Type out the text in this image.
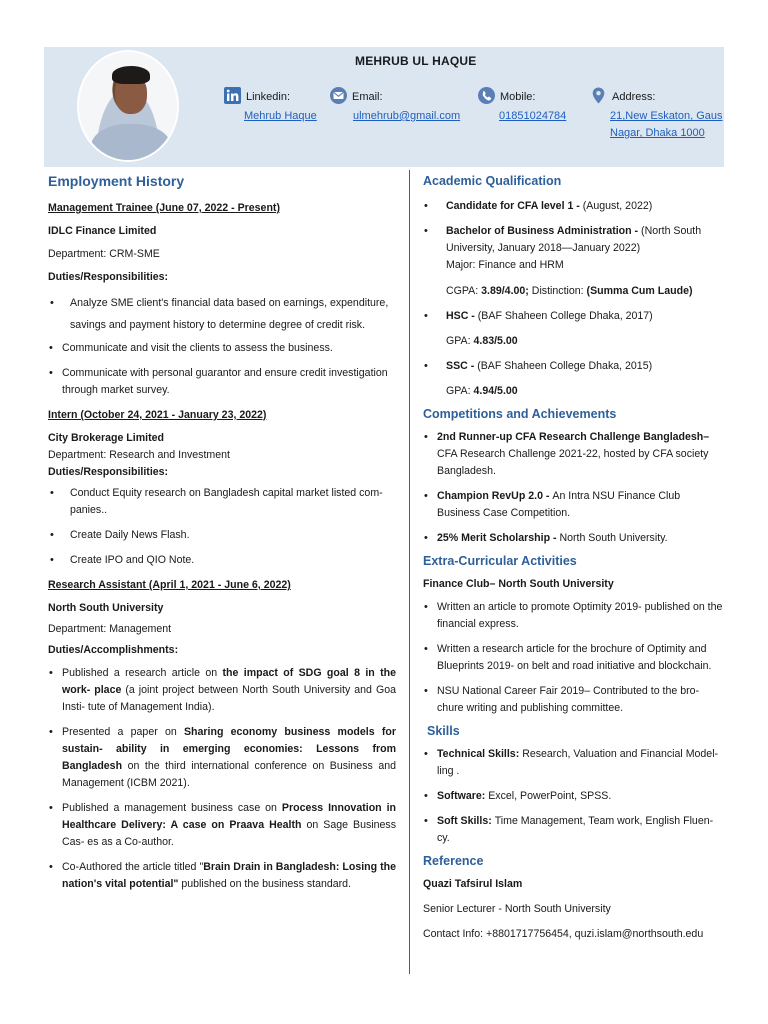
MEHRUB UL HAQUE
Linkedin:
Mehrub Haque
Email:
ulmehrub@gmail.com
Mobile:
01851024784
Address:
21,New Eskaton, Gaus
Nagar, Dhaka 1000
Employment History
Management Trainee (June 07, 2022 - Present)
IDLC Finance Limited
Department: CRM-SME
Duties/Responsibilities:
• Analyze SME client's financial data based on earnings, expenditure, savings and payment history to determine degree of credit risk.
• Communicate and visit the clients to assess the business.
• Communicate with personal guarantor and ensure credit investigation through market survey.
Intern (October 24, 2021 - January 23, 2022)
City Brokerage Limited
Department: Research and Investment
Duties/Responsibilities:
• Conduct Equity research on Bangladesh capital market listed com- panies..
• Create Daily News Flash.
• Create IPO and QIO Note.
Research Assistant (April 1, 2021 - June 6, 2022)
North South University
Department: Management
Duties/Accomplishments:
• Published a research article on the impact of SDG goal 8 in the work- place (a joint project between North South University and Goa Insti- tute of Management India).
• Presented a paper on Sharing economy business models for sustain- ability in emerging economies: Lessons from Bangladesh on the third international conference on Business and Management (ICBM 2021).
• Published a management business case on Process Innovation in Healthcare Delivery: A case on Praava Health on Sage Business Cas- es as a Co-author.
• Co-Authored the article titled "Brain Drain in Bangladesh: Losing the nation's vital potential" published on the business standard.
Academic Qualification
• Candidate for CFA level 1 - (August, 2022)
• Bachelor of Business Administration - (North South University, January 2018—January 2022)
Major: Finance and HRM
CGPA: 3.89/4.00; Distinction: (Summa Cum Laude)
• HSC - (BAF Shaheen College Dhaka, 2017)
GPA: 4.83/5.00
• SSC - (BAF Shaheen College Dhaka, 2015)
GPA: 4.94/5.00
Competitions and Achievements
• 2nd Runner-up CFA Research Challenge Bangladesh–
CFA Research Challenge 2021-22, hosted by CFA society Bangladesh.
• Champion RevUp 2.0 - An Intra NSU Finance Club Business Case Competition.
• 25% Merit Scholarship - North South University.
Extra-Curricular Activities
Finance Club– North South University
• Written an article to promote Optimity 2019- published on the financial express.
• Written a research article for the brochure of Optimity and Blueprints 2019- on belt and road initiative and blockchain.
• NSU National Career Fair 2019– Contributed to the bro- chure writing and publishing committee.
Skills
• Technical Skills: Research, Valuation and Financial Model- ling .
• Software: Excel, PowerPoint, SPSS.
• Soft Skills: Time Management, Team work, English Fluen- cy.
Reference
Quazi Tafsirul Islam
Senior Lecturer - North South University
Contact Info: +8801717756454, quzi.islam@northsouth.edu
